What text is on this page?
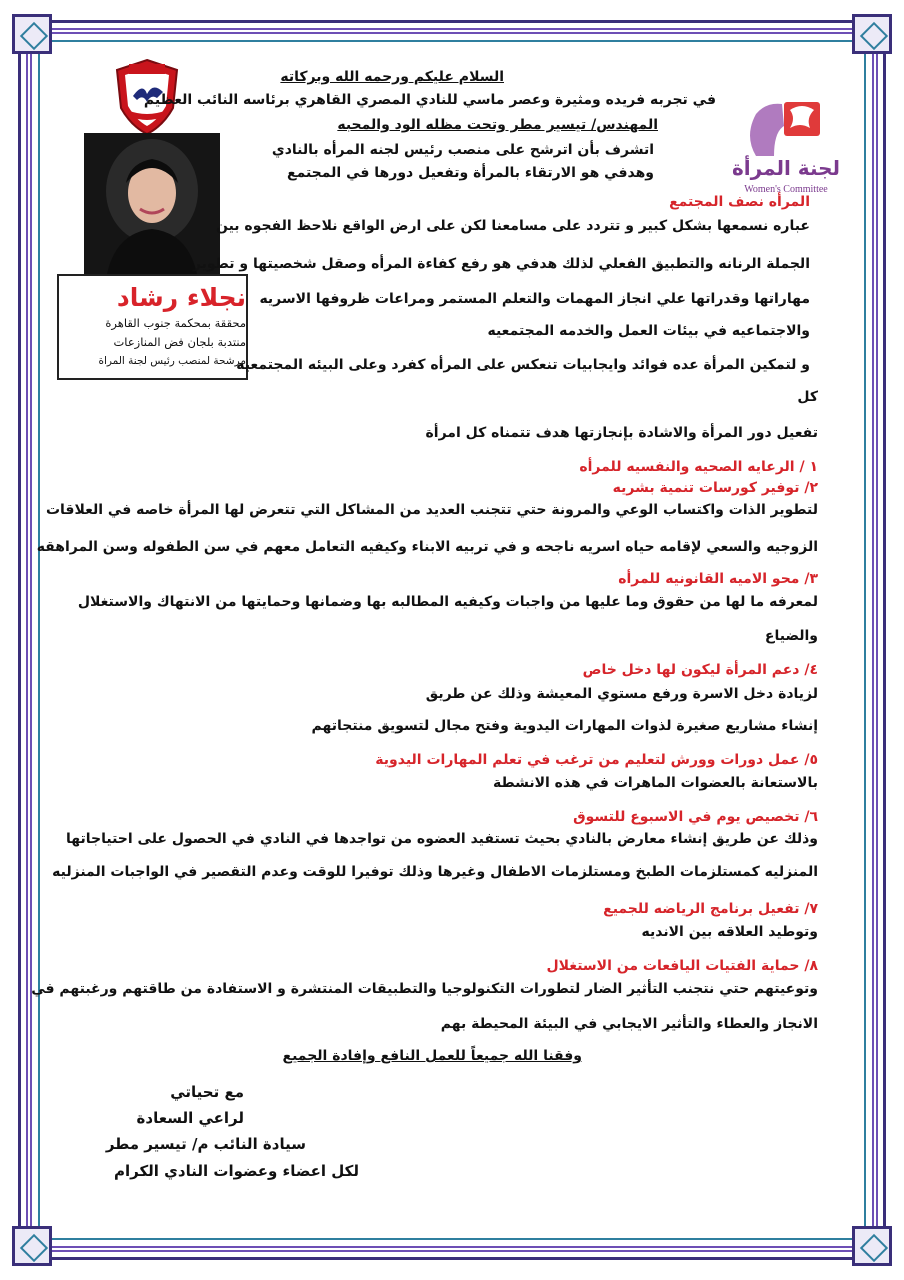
لجنة المرأة
Women's Committee
نجلاء رشاد
محققة بمحكمة جنوب القاهرة
منتدبة بلجان فض المنازعات
مرشحة لمنصب رئيس لجنة المراة
السلام عليكم ورحمه الله وبركاته
في تجربه فريده ومثيرة وعصر ماسي للنادي المصري القاهري برئاسه النائب العظيم
المهندس/ تيسير مطر وتحت مظله الود والمحبه
اتشرف بأن اترشح على منصب رئيس لجنه المرأه بالنادي
وهدفي هو الارتقاء بالمرأة وتفعيل دورها في المجتمع
المرأه نصف المجتمع
عباره نسمعها بشكل كبير و تتردد على مسامعنا لكن على ارض الواقع نلاحظ الفجوه بين
الجملة الرنانه والتطبيق الفعلي لذلك هدفي هو رفع كفاءة المرأه وصقل شخصيتها و تطوير
مهاراتها وقدراتها علي انجاز المهمات والتعلم المستمر ومراعات ظروفها الاسريه
والاجتماعيه في بيئات العمل والخدمه المجتمعيه
و لتمكين المرأة عده فوائد وايجابيات تنعكس على المرأه كفرد وعلى البيئه المجتمعيه
كل
تفعيل دور المرأة والاشادة بإنجازتها هدف تتمناه كل امرأة
١ / الرعايه الصحيه والنفسيه للمرأه
٢/ توفير كورسات تنمية بشريه
لتطوير الذات واكتساب الوعي والمرونة حتي تتجنب العديد من المشاكل التي تتعرض لها المرأة خاصه في العلاقات
الزوجيه والسعي لإقامه حياه اسريه ناجحه و في تربيه الابناء وكيفيه التعامل معهم في سن الطفوله وسن المراهقه
٣/ محو الاميه القانونيه للمرأه
لمعرفه ما لها من حقوق وما عليها من واجبات وكيفيه المطالبه بها وضمانها وحمايتها من الانتهاك والاستغلال
والضياع
٤/ دعم المرأة ليكون لها دخل خاص
لزيادة دخل الاسرة ورفع مستوي المعيشة وذلك عن طريق
إنشاء مشاريع صغيرة لذوات المهارات اليدوية وفتح مجال لتسويق منتجاتهم
٥/ عمل دورات وورش لتعليم من ترغب في تعلم المهارات اليدوية
بالاستعانة بالعضوات الماهرات في هذه الانشطة
٦/ تخصيص يوم في الاسبوع للتسوق
وذلك عن طريق إنشاء معارض بالنادي بحيث تستفيد العضوه من تواجدها في النادي في الحصول على احتياجاتها
المنزليه كمستلزمات الطبخ ومستلزمات الاطفال وغيرها وذلك توفيرا للوقت وعدم التقصير في الواجبات المنزليه
٧/ تفعيل برنامج الرياضه للجميع
وتوطيد العلاقه بين الانديه
٨/ حماية الفتيات اليافعات من الاستغلال
وتوعيتهم حتي نتجنب التأثير الضار لتطورات التكنولوجيا والتطبيقات المنتشرة و الاستفادة من طاقتهم ورغبتهم في
الانجاز والعطاء والتأثير الايجابي في البيئة المحيطة بهم
وفقنا الله جميعاً للعمل النافع وإفادة الجميع
مع تحياتي
لراعي السعادة
سيادة النائب م/ تيسير مطر
لكل اعضاء وعضوات النادي الكرام
